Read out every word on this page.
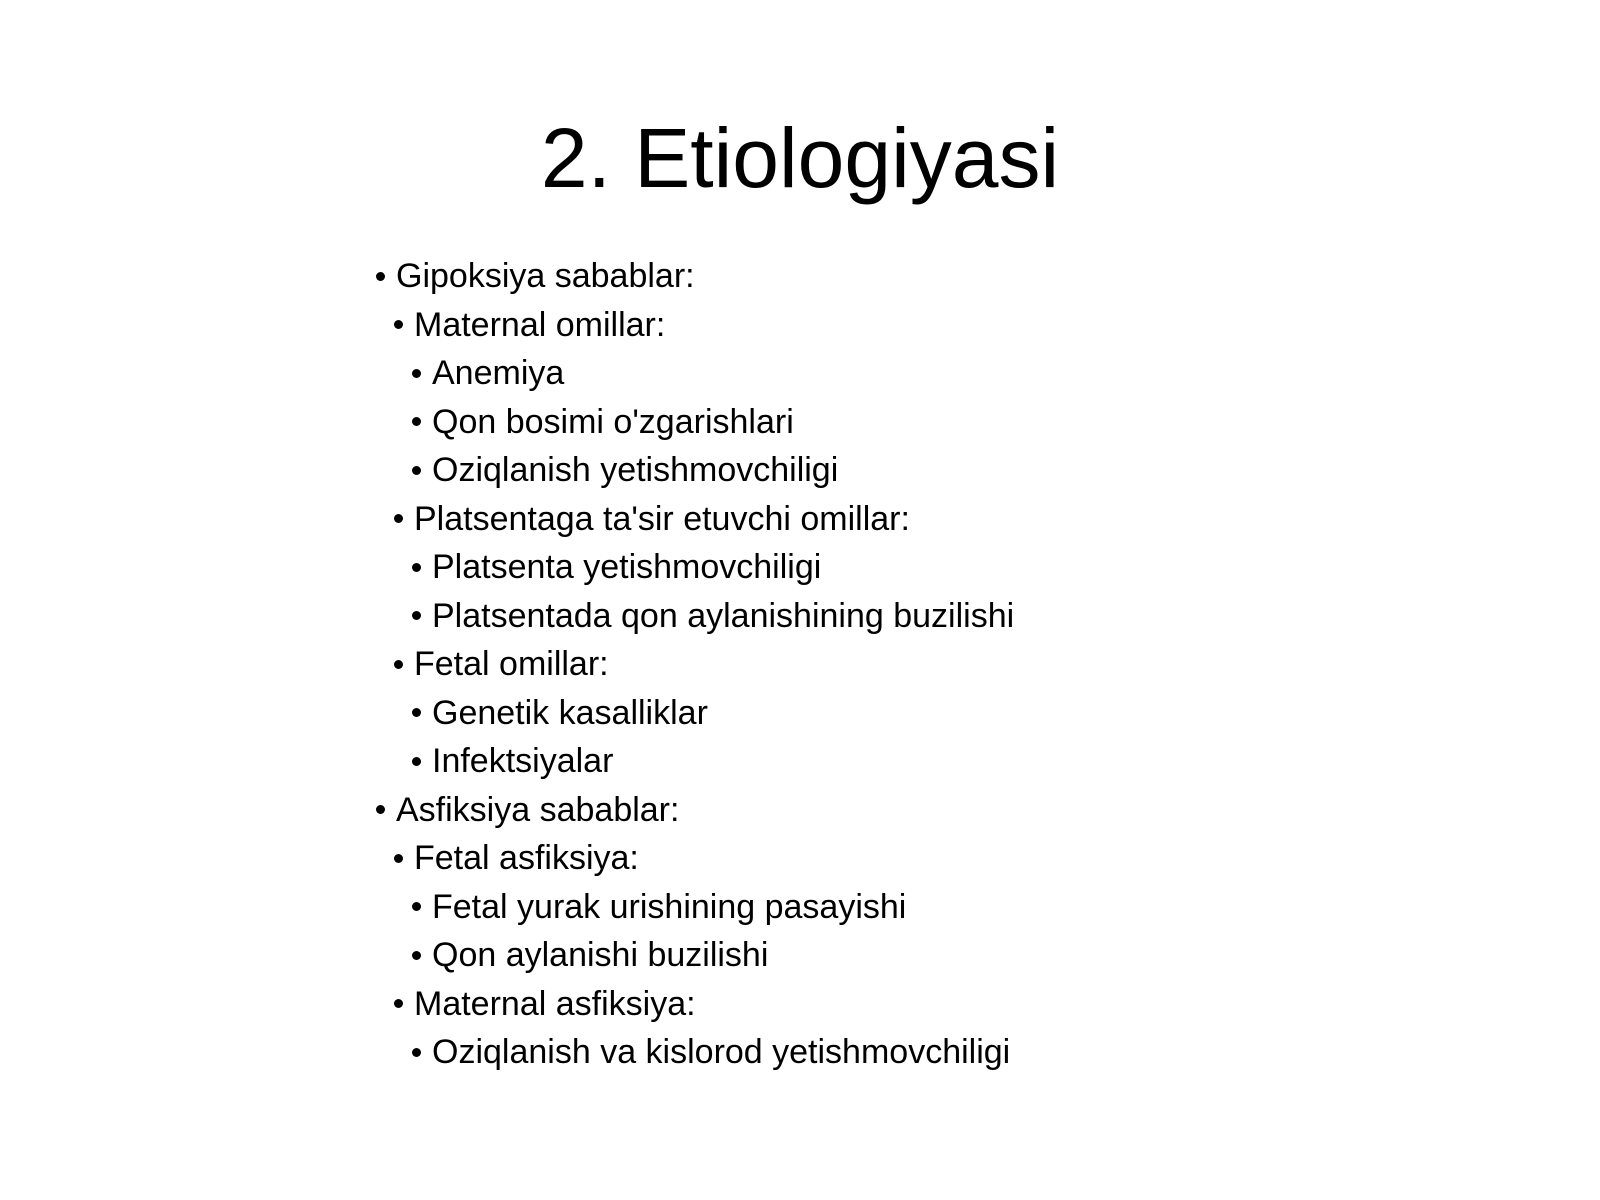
2. Etiologiyasi
Gipoksiya sabablar:
Maternal omillar:
Anemiya
Qon bosimi o'zgarishlari
Oziqlanish yetishmovchiligi
Platsentaga ta'sir etuvchi omillar:
Platsenta yetishmovchiligi
Platsentada qon aylanishining buzilishi
Fetal omillar:
Genetik kasalliklar
Infektsiyalar
Asfiksiya sabablar:
Fetal asfiksiya:
Fetal yurak urishining pasayishi
Qon aylanishi buzilishi
Maternal asfiksiya:
Oziqlanish va kislorod yetishmovchiligi
